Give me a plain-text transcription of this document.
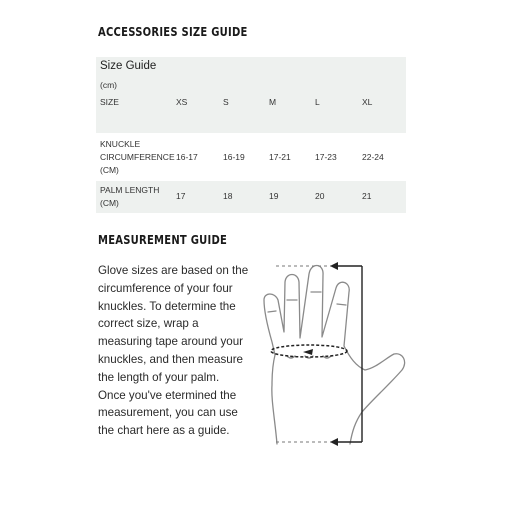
ACCESSORIES SIZE GUIDE
Size Guide
(cm)
SIZE	XS	S	M	L	XL
KNUCKLE
CIRCUMFERENCE
(CM)
16-17	16-19	17-21	17-23	22-24
PALM LENGTH
(CM)
17	18	19	20	21
MEASUREMENT GUIDE
Glove sizes are based on the
circumference of your four
knuckles. To determine the
correct size, wrap a
measuring tape around your
knuckles, and then measure
the length of your palm.
Once you've etermined the
measurement, you can use
the chart here as a guide.
